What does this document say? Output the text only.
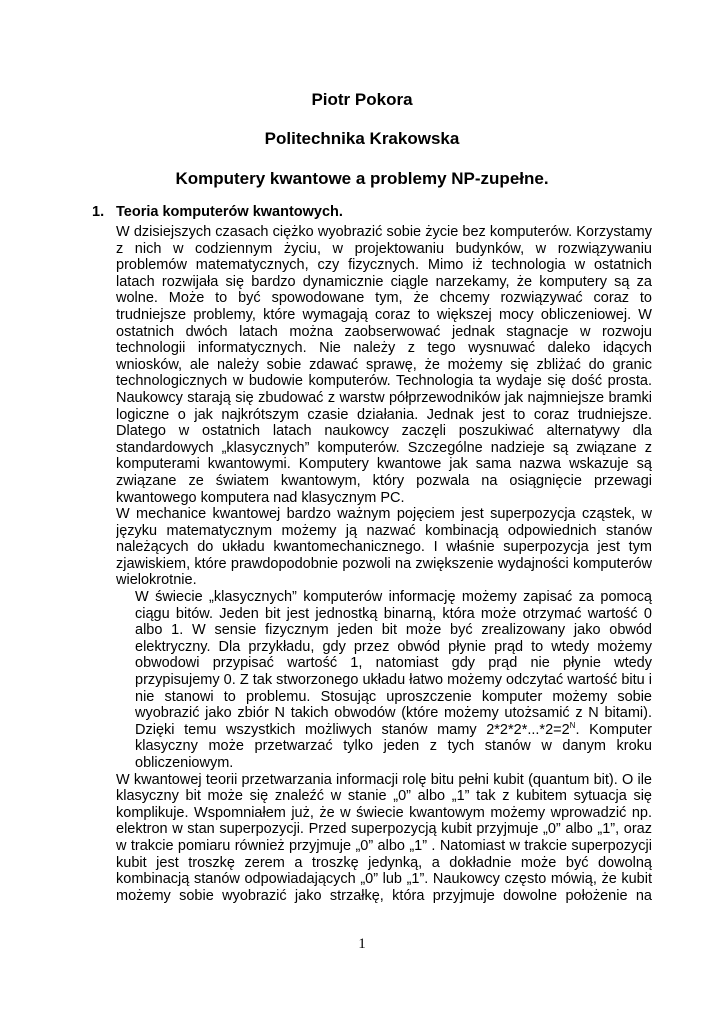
Piotr Pokora
Politechnika Krakowska
Komputery kwantowe a problemy NP-zupełne.
1. Teoria komputerów kwantowych.
W dzisiejszych czasach ciężko wyobrazić sobie życie bez komputerów. Korzystamy
z nich w codziennym życiu, w projektowaniu budynków, w rozwiązywaniu
problemów matematycznych, czy fizycznych. Mimo iż technologia w ostatnich
latach rozwijała się bardzo dynamicznie ciągle narzekamy, że komputery są za
wolne. Może to być spowodowane tym, że chcemy rozwiązywać coraz to
trudniejsze problemy, które wymagają coraz to większej mocy obliczeniowej. W
ostatnich dwóch latach można zaobserwować jednak stagnacje w rozwoju
technologii informatycznych. Nie należy z tego wysnuwać daleko idących
wniosków, ale należy sobie zdawać sprawę, że możemy się zbliżać do granic
technologicznych w budowie komputerów. Technologia ta wydaje się dość prosta.
Naukowcy starają się zbudować z warstw półprzewodników jak najmniejsze bramki
logiczne o jak najkrótszym czasie działania. Jednak jest to coraz trudniejsze.
Dlatego w ostatnich latach naukowcy zaczęli poszukiwać alternatywy dla
standardowych „klasycznych” komputerów. Szczególne nadzieje są związane z
komputerami kwantowymi. Komputery kwantowe jak sama nazwa wskazuje są
związane ze światem kwantowym, który pozwala na osiągnięcie przewagi
kwantowego komputera nad klasycznym PC.
W mechanice kwantowej bardzo ważnym pojęciem jest superpozycja cząstek, w
języku matematycznym możemy ją nazwać kombinacją odpowiednich stanów
należących do układu kwantomechanicznego. I właśnie superpozycja jest tym
zjawiskiem, które prawdopodobnie pozwoli na zwiększenie wydajności komputerów
wielokrotnie.
W świecie „klasycznych” komputerów informację możemy zapisać za pomocą
ciągu bitów. Jeden bit jest jednostką binarną, która może otrzymać wartość 0
albo 1. W sensie fizycznym jeden bit może być zrealizowany jako obwód
elektryczny. Dla przykładu, gdy przez obwód płynie prąd to wtedy możemy
obwodowi przypisać wartość 1, natomiast gdy prąd nie płynie wtedy
przypisujemy 0. Z tak stworzonego układu łatwo możemy odczytać wartość bitu i
nie stanowi to problemu. Stosując uproszczenie komputer możemy sobie
wyobrazić jako zbiór N takich obwodów (które możemy utożsamić z N bitami).
Dzięki temu wszystkich możliwych stanów mamy $2*2*2*...*2=2^N$. Komputer
klasyczny może przetwarzać tylko jeden z tych stanów w danym kroku
obliczeniowym.
W kwantowej teorii przetwarzania informacji rolę bitu pełni kubit (quantum bit). O ile
klasyczny bit może się znaleźć w stanie „0” albo „1” tak z kubitem sytuacja się
komplikuje. Wspomniałem już, że w świecie kwantowym możemy wprowadzić np.
elektron w stan superpozycji. Przed superpozycją kubit przyjmuje „0” albo „1”, oraz
w trakcie pomiaru również przyjmuje „0” albo „1” . Natomiast w trakcie superpozycji
kubit jest troszkę zerem a troszkę jedynką, a dokładnie może być dowolną
kombinacją stanów odpowiadających „0” lub „1”. Naukowcy często mówią, że kubit
możemy sobie wyobrazić jako strzałkę, która przyjmuje dowolne położenie na
1
